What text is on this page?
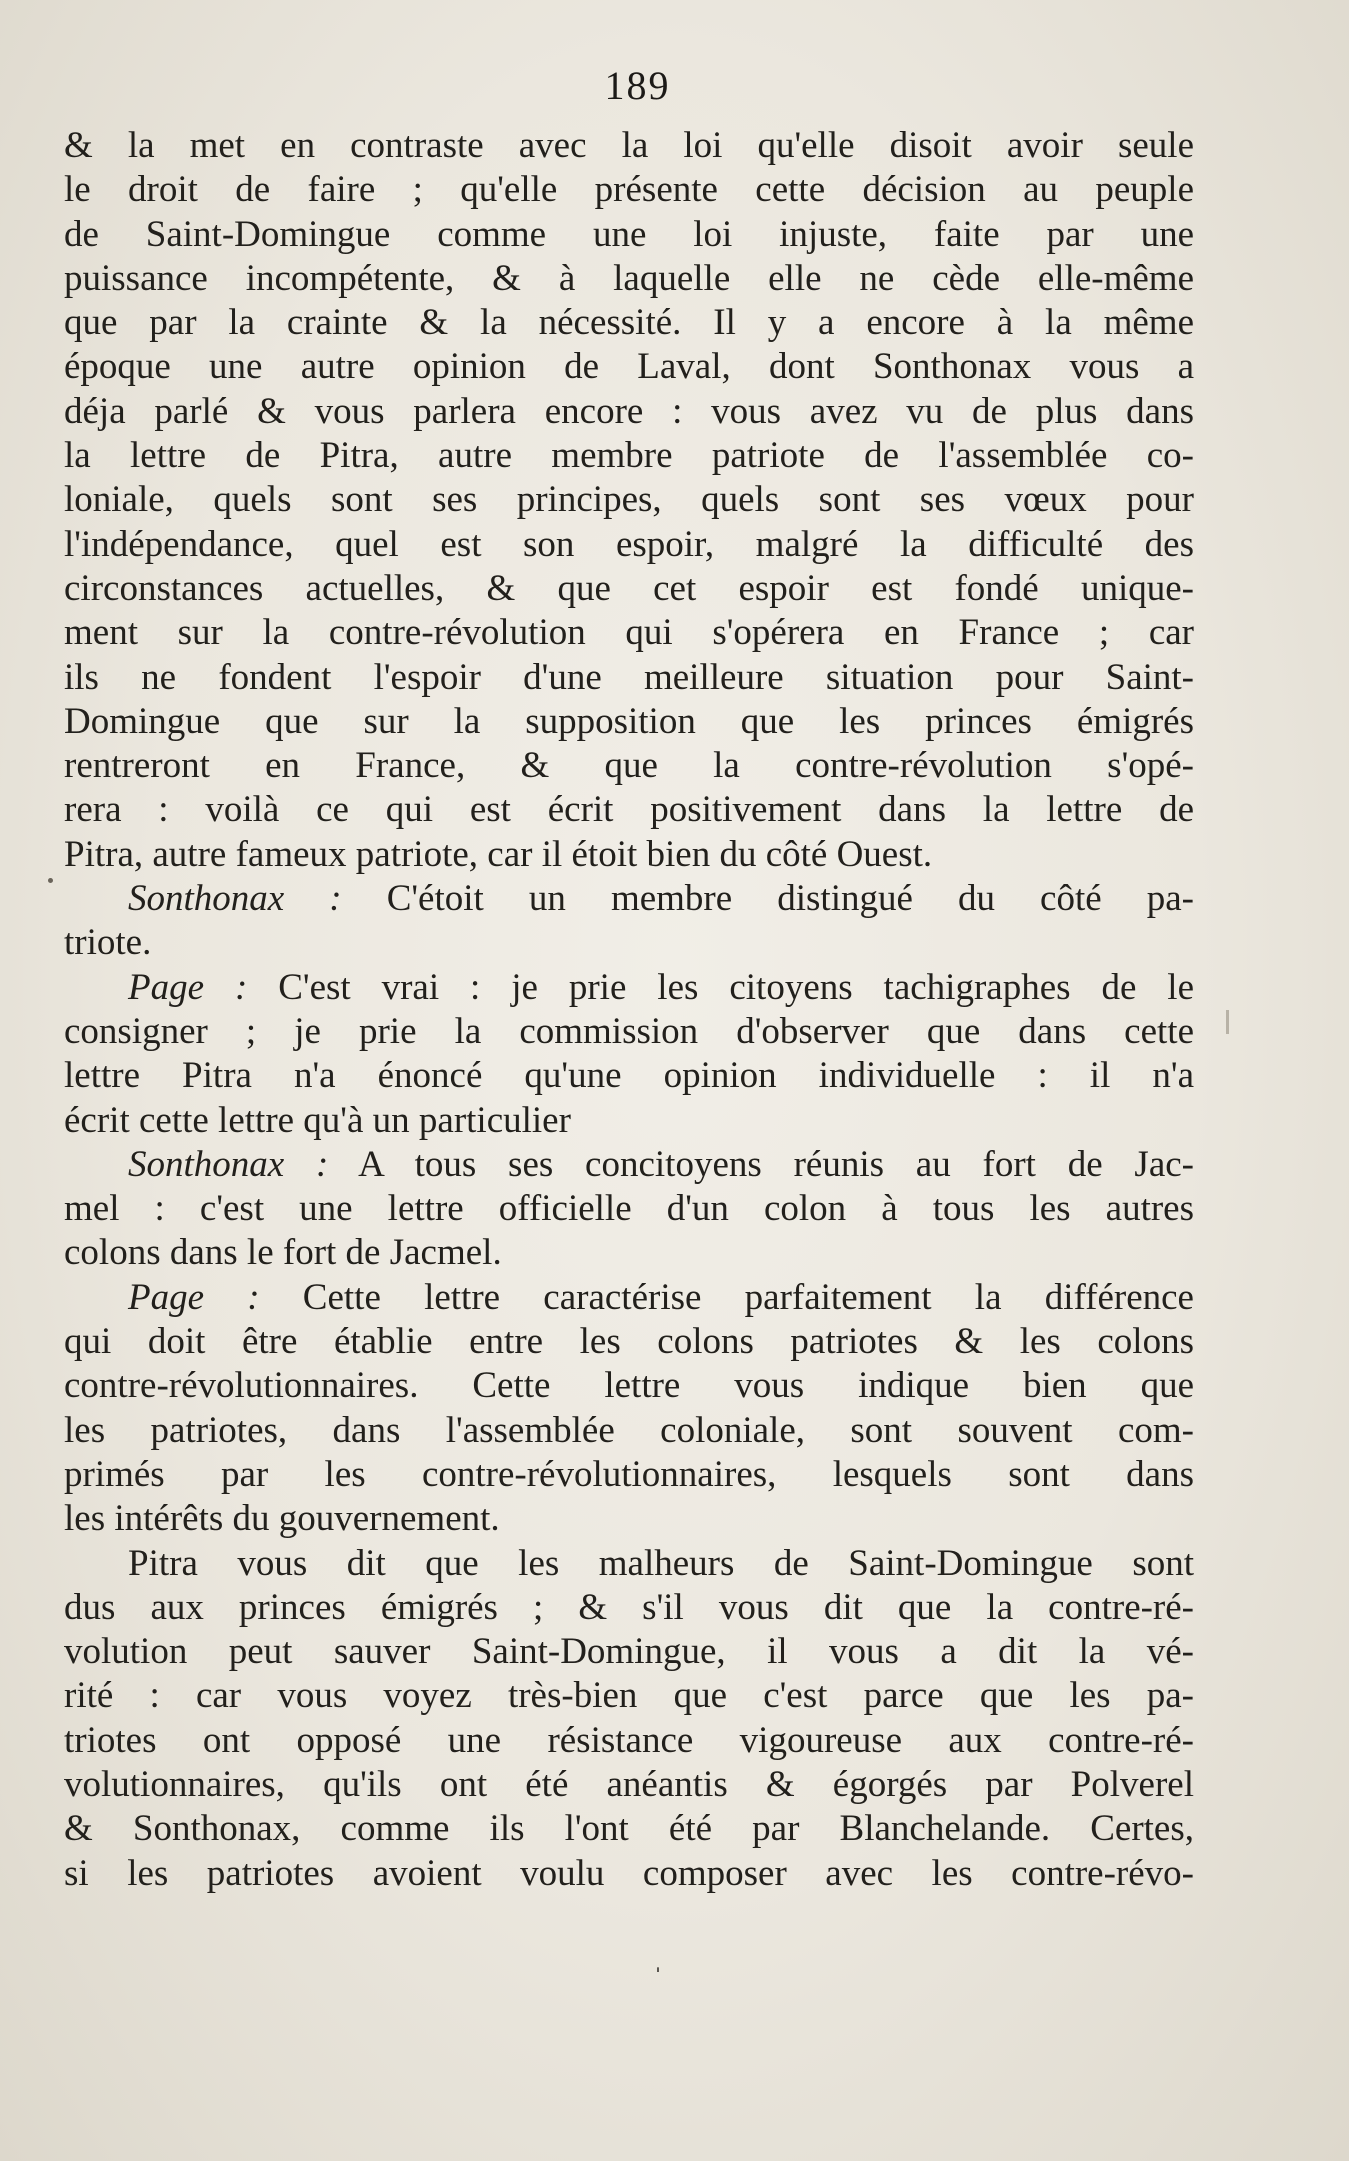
189
& la met en contraste avec la loi qu'elle disoit avoir seule
le droit de faire ; qu'elle présente cette décision au peuple
de Saint-Domingue comme une loi injuste, faite par une
puissance incompétente, & à laquelle elle ne cède elle-même
que par la crainte & la nécessité. Il y a encore à la même
époque une autre opinion de Laval, dont Sonthonax vous a
déja parlé & vous parlera encore : vous avez vu de plus dans
la lettre de Pitra, autre membre patriote de l'assemblée co-
loniale, quels sont ses principes, quels sont ses vœux pour
l'indépendance, quel est son espoir, malgré la difficulté des
circonstances actuelles, & que cet espoir est fondé unique-
ment sur la contre-révolution qui s'opérera en France ; car
ils ne fondent l'espoir d'une meilleure situation pour Saint-
Domingue que sur la supposition que les princes émigrés
rentreront en France, & que la contre-révolution s'opé-
rera : voilà ce qui est écrit positivement dans la lettre de
Pitra, autre fameux patriote, car il étoit bien du côté Ouest.
Sonthonax : C'étoit un membre distingué du côté pa-
triote.
Page : C'est vrai : je prie les citoyens tachigraphes de le
consigner ; je prie la commission d'observer que dans cette
lettre Pitra n'a énoncé qu'une opinion individuelle : il n'a
écrit cette lettre qu'à un particulier
Sonthonax : A tous ses concitoyens réunis au fort de Jac-
mel : c'est une lettre officielle d'un colon à tous les autres
colons dans le fort de Jacmel.
Page : Cette lettre caractérise parfaitement la différence
qui doit être établie entre les colons patriotes & les colons
contre-révolutionnaires. Cette lettre vous indique bien que
les patriotes, dans l'assemblée coloniale, sont souvent com-
primés par les contre-révolutionnaires, lesquels sont dans
les intérêts du gouvernement.
Pitra vous dit que les malheurs de Saint-Domingue sont
dus aux princes émigrés ; & s'il vous dit que la contre-ré-
volution peut sauver Saint-Domingue, il vous a dit la vé-
rité : car vous voyez très-bien que c'est parce que les pa-
triotes ont opposé une résistance vigoureuse aux contre-ré-
volutionnaires, qu'ils ont été anéantis & égorgés par Polverel
& Sonthonax, comme ils l'ont été par Blanchelande. Certes,
si les patriotes avoient voulu composer avec les contre-révo-
ˈ
